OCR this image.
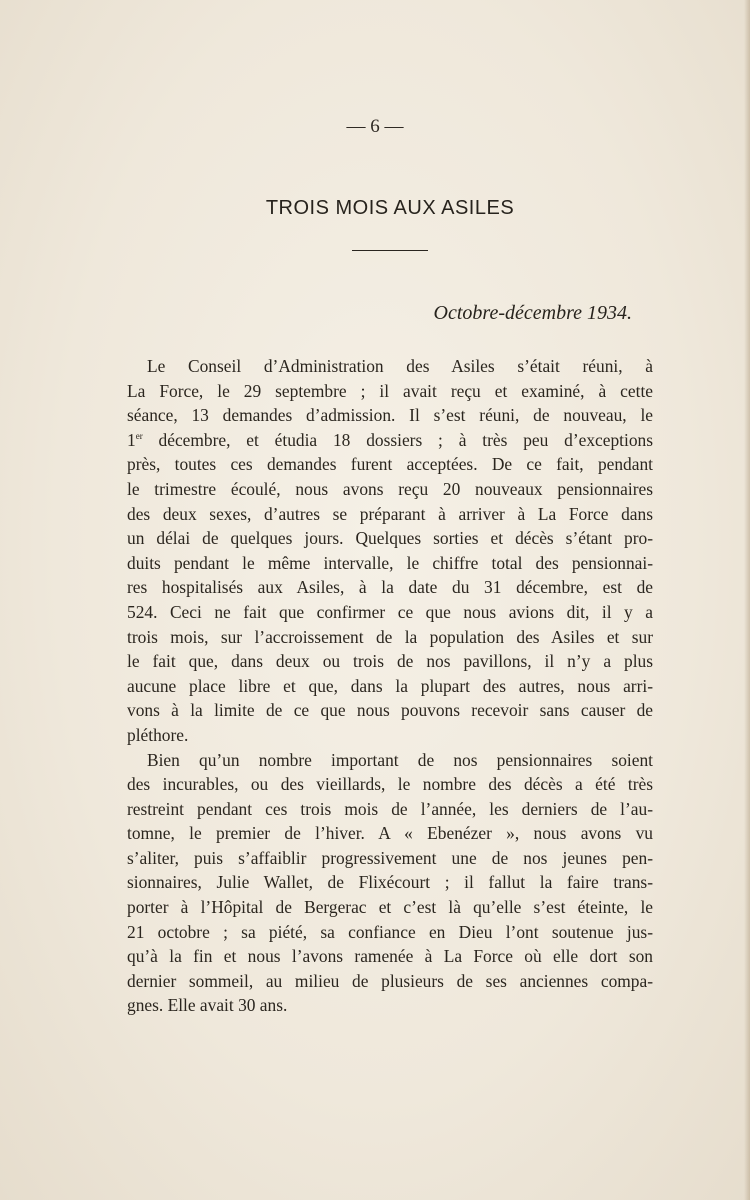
— 6 —
TROIS MOIS AUX ASILES
Octobre-décembre 1934.

Le Conseil d’Administration des Asiles s’était réuni, à
La Force, le 29 septembre ; il avait reçu et examiné, à cette
séance, 13 demandes d’admission. Il s’est réuni, de nouveau, le
1er décembre, et étudia 18 dossiers ; à très peu d’exceptions
près, toutes ces demandes furent acceptées. De ce fait, pendant
le trimestre écoulé, nous avons reçu 20 nouveaux pensionnaires
des deux sexes, d’autres se préparant à arriver à La Force dans
un délai de quelques jours. Quelques sorties et décès s’étant pro-
duits pendant le même intervalle, le chiffre total des pensionnai-
res hospitalisés aux Asiles, à la date du 31 décembre, est de
524. Ceci ne fait que confirmer ce que nous avions dit, il y a
trois mois, sur l’accroissement de la population des Asiles et sur
le fait que, dans deux ou trois de nos pavillons, il n’y a plus
aucune place libre et que, dans la plupart des autres, nous arri-
vons à la limite de ce que nous pouvons recevoir sans causer de
pléthore.

Bien qu’un nombre important de nos pensionnaires soient
des incurables, ou des vieillards, le nombre des décès a été très
restreint pendant ces trois mois de l’année, les derniers de l’au-
tomne, le premier de l’hiver. A « Ebenézer », nous avons vu
s’aliter, puis s’affaiblir progressivement une de nos jeunes pen-
sionnaires, Julie Wallet, de Flixécourt ; il fallut la faire trans-
porter à l’Hôpital de Bergerac et c’est là qu’elle s’est éteinte, le
21 octobre ; sa piété, sa confiance en Dieu l’ont soutenue jus-
qu’à la fin et nous l’avons ramenée à La Force où elle dort son
dernier sommeil, au milieu de plusieurs de ses anciennes compa-
gnes. Elle avait 30 ans.
